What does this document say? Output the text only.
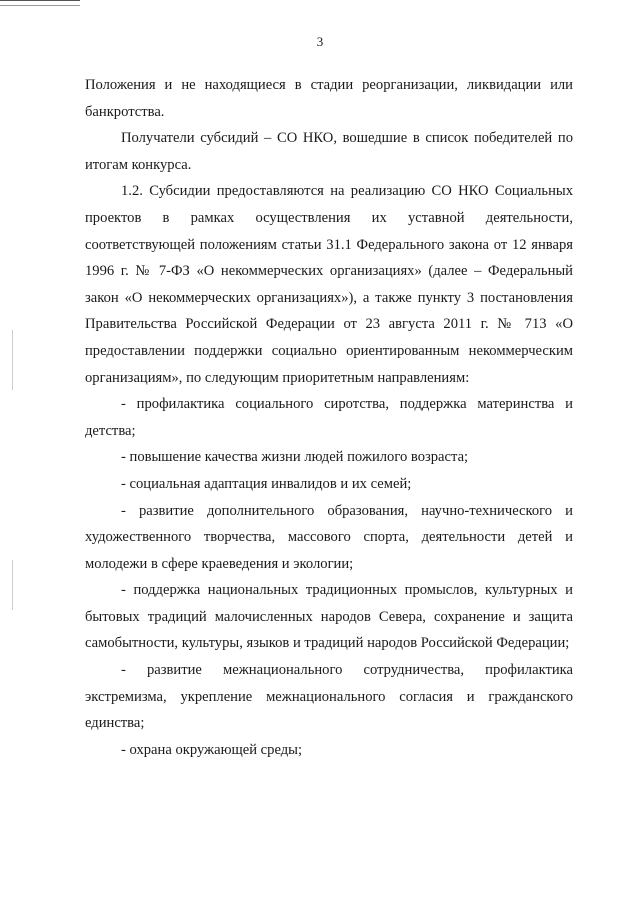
3

Положения и не находящиеся в стадии реорганизации, ликвидации или банкротства.

Получатели субсидий – СО НКО, вошедшие в список победителей по итогам конкурса.

1.2. Субсидии предоставляются на реализацию СО НКО Социальных проектов в рамках осуществления их уставной деятельности, соответствующей положениям статьи 31.1 Федерального закона от 12 января 1996 г. № 7-ФЗ «О некоммерческих организациях» (далее – Федеральный закон «О некоммерческих организациях»), а также пункту 3 постановления Правительства Российской Федерации от 23 августа 2011 г. № 713 «О предоставлении поддержки социально ориентированным некоммерческим организациям», по следующим приоритетным направлениям:

- профилактика социального сиротства, поддержка материнства и детства;

- повышение качества жизни людей пожилого возраста;

- социальная адаптация инвалидов и их семей;

- развитие дополнительного образования, научно-технического и художественного творчества, массового спорта, деятельности детей и молодежи в сфере краеведения и экологии;

- поддержка национальных традиционных промыслов, культурных и бытовых традиций малочисленных народов Севера, сохранение и защита самобытности, культуры, языков и традиций народов Российской Федерации;

- развитие межнационального сотрудничества, профилактика экстремизма, укрепление межнационального согласия и гражданского единства;

- охрана окружающей среды;
